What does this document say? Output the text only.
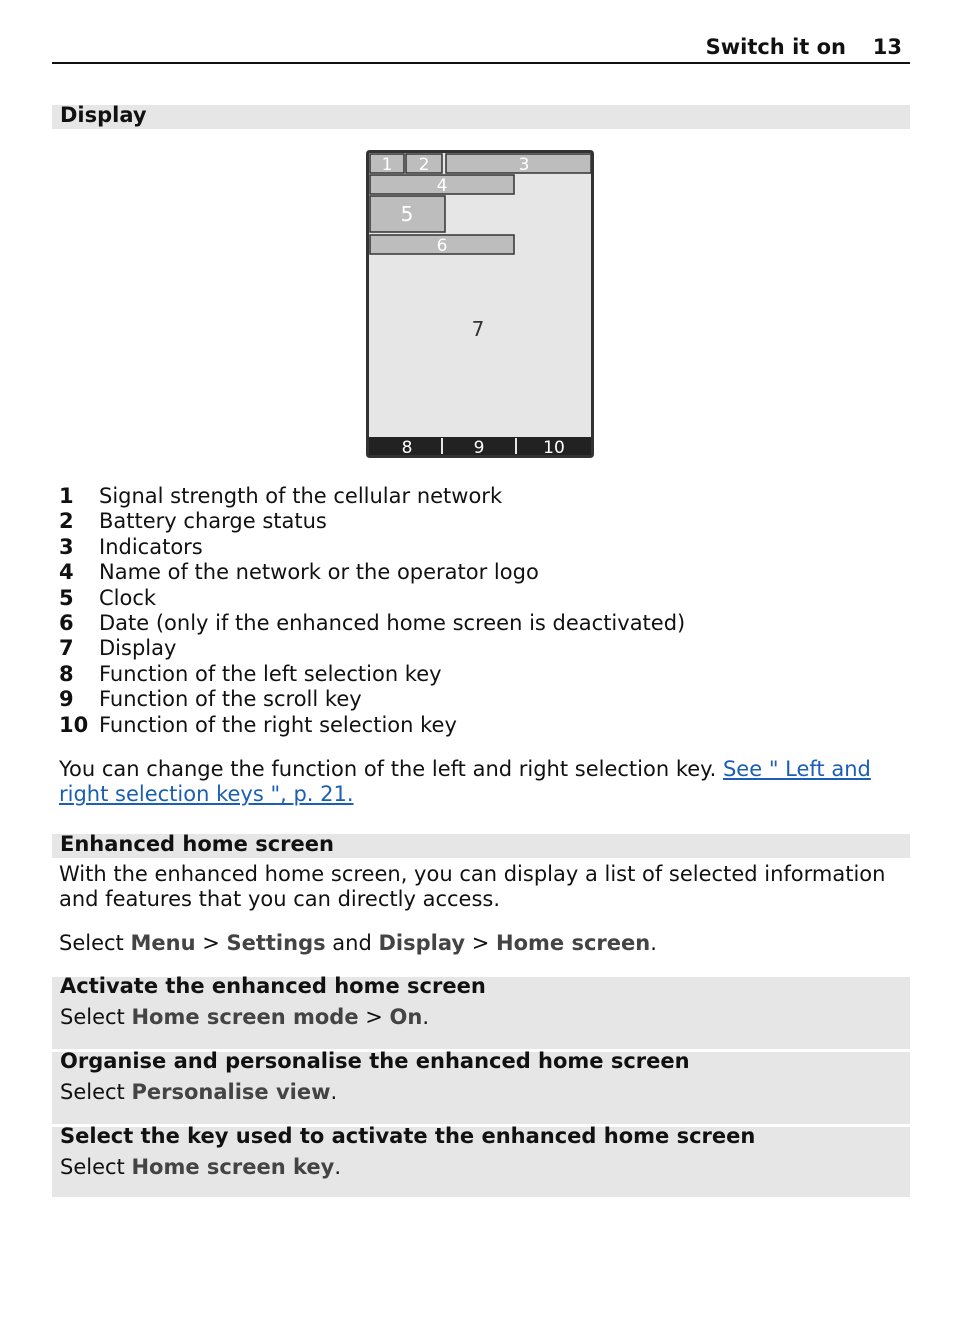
Switch it on 13
Display
1 2	3
4
5
6
7
8	9	10
1 Signal strength of the cellular network
2 Battery charge status
3 Indicators
4 Name of the network or the operator logo
5 Clock
6 Date (only if the enhanced home screen is deactivated)
7 Display
8 Function of the left selection key
9 Function of the scroll key
10 Function of the right selection key
You can change the function of the left and right selection key. See " Left and right selection keys ", p. 21.
Enhanced home screen
With the enhanced home screen, you can display a list of selected information and features that you can directly access.
Select Menu > Settings and Display > Home screen.
Activate the enhanced home screen
Select Home screen mode > On.
Organise and personalise the enhanced home screen
Select Personalise view.
Select the key used to activate the enhanced home screen
Select Home screen key.
